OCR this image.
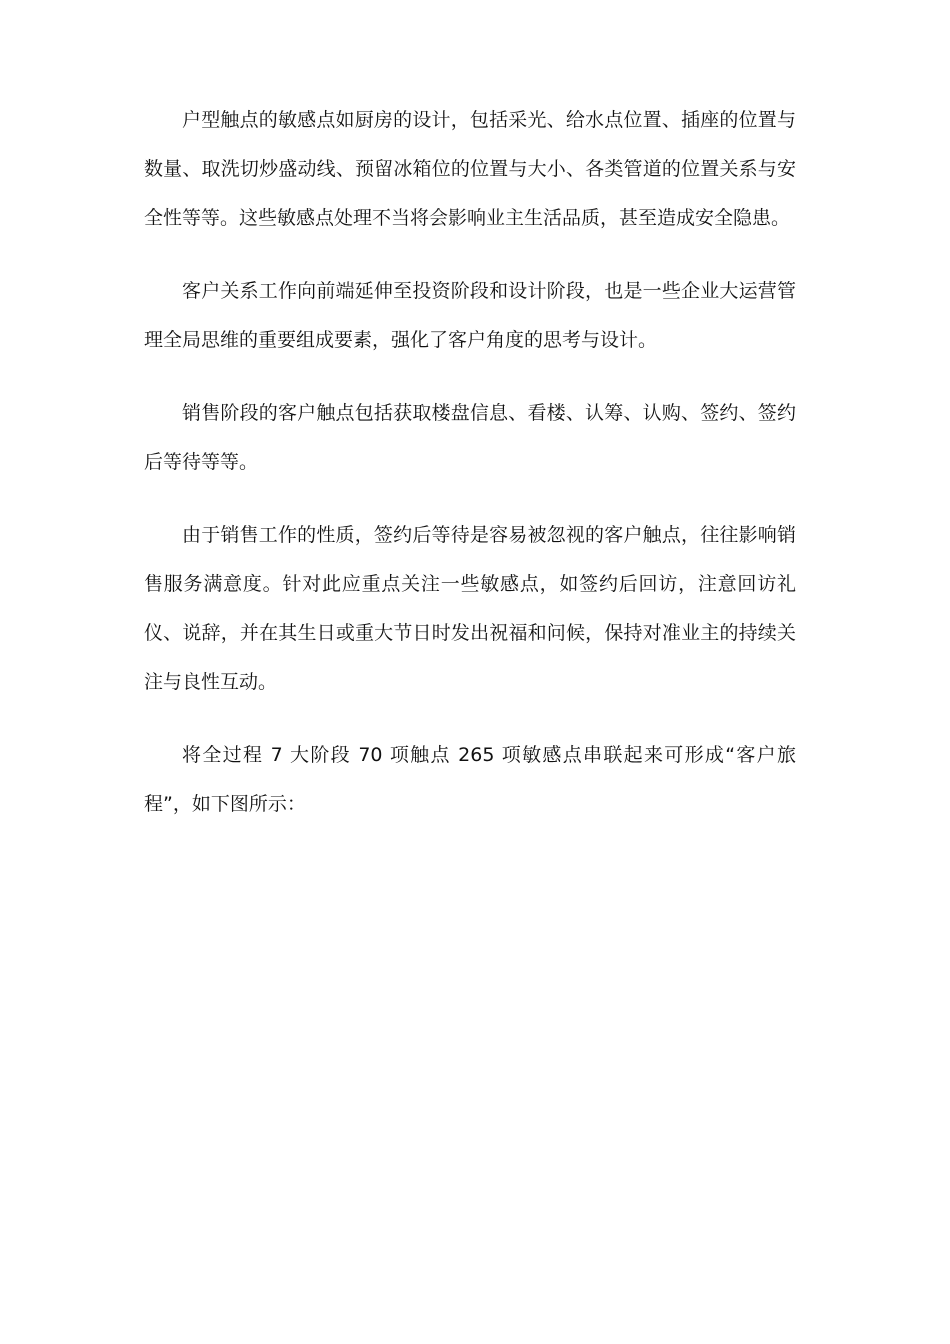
户型触点的敏感点如厨房的设计，包括采光、给水点位置、插座的位置与数量、取洗切炒盛动线、预留冰箱位的位置与大小、各类管道的位置关系与安全性等等。这些敏感点处理不当将会影响业主生活品质，甚至造成安全隐患。

客户关系工作向前端延伸至投资阶段和设计阶段，也是一些企业大运营管理全局思维的重要组成要素，强化了客户角度的思考与设计。

销售阶段的客户触点包括获取楼盘信息、看楼、认筹、认购、签约、签约后等待等等。

由于销售工作的性质，签约后等待是容易被忽视的客户触点，往往影响销售服务满意度。针对此应重点关注一些敏感点，如签约后回访，注意回访礼仪、说辞，并在其生日或重大节日时发出祝福和问候，保持对准业主的持续关注与良性互动。

将全过程 7 大阶段 70 项触点 265 项敏感点串联起来可形成“客户旅程”，如下图所示：
